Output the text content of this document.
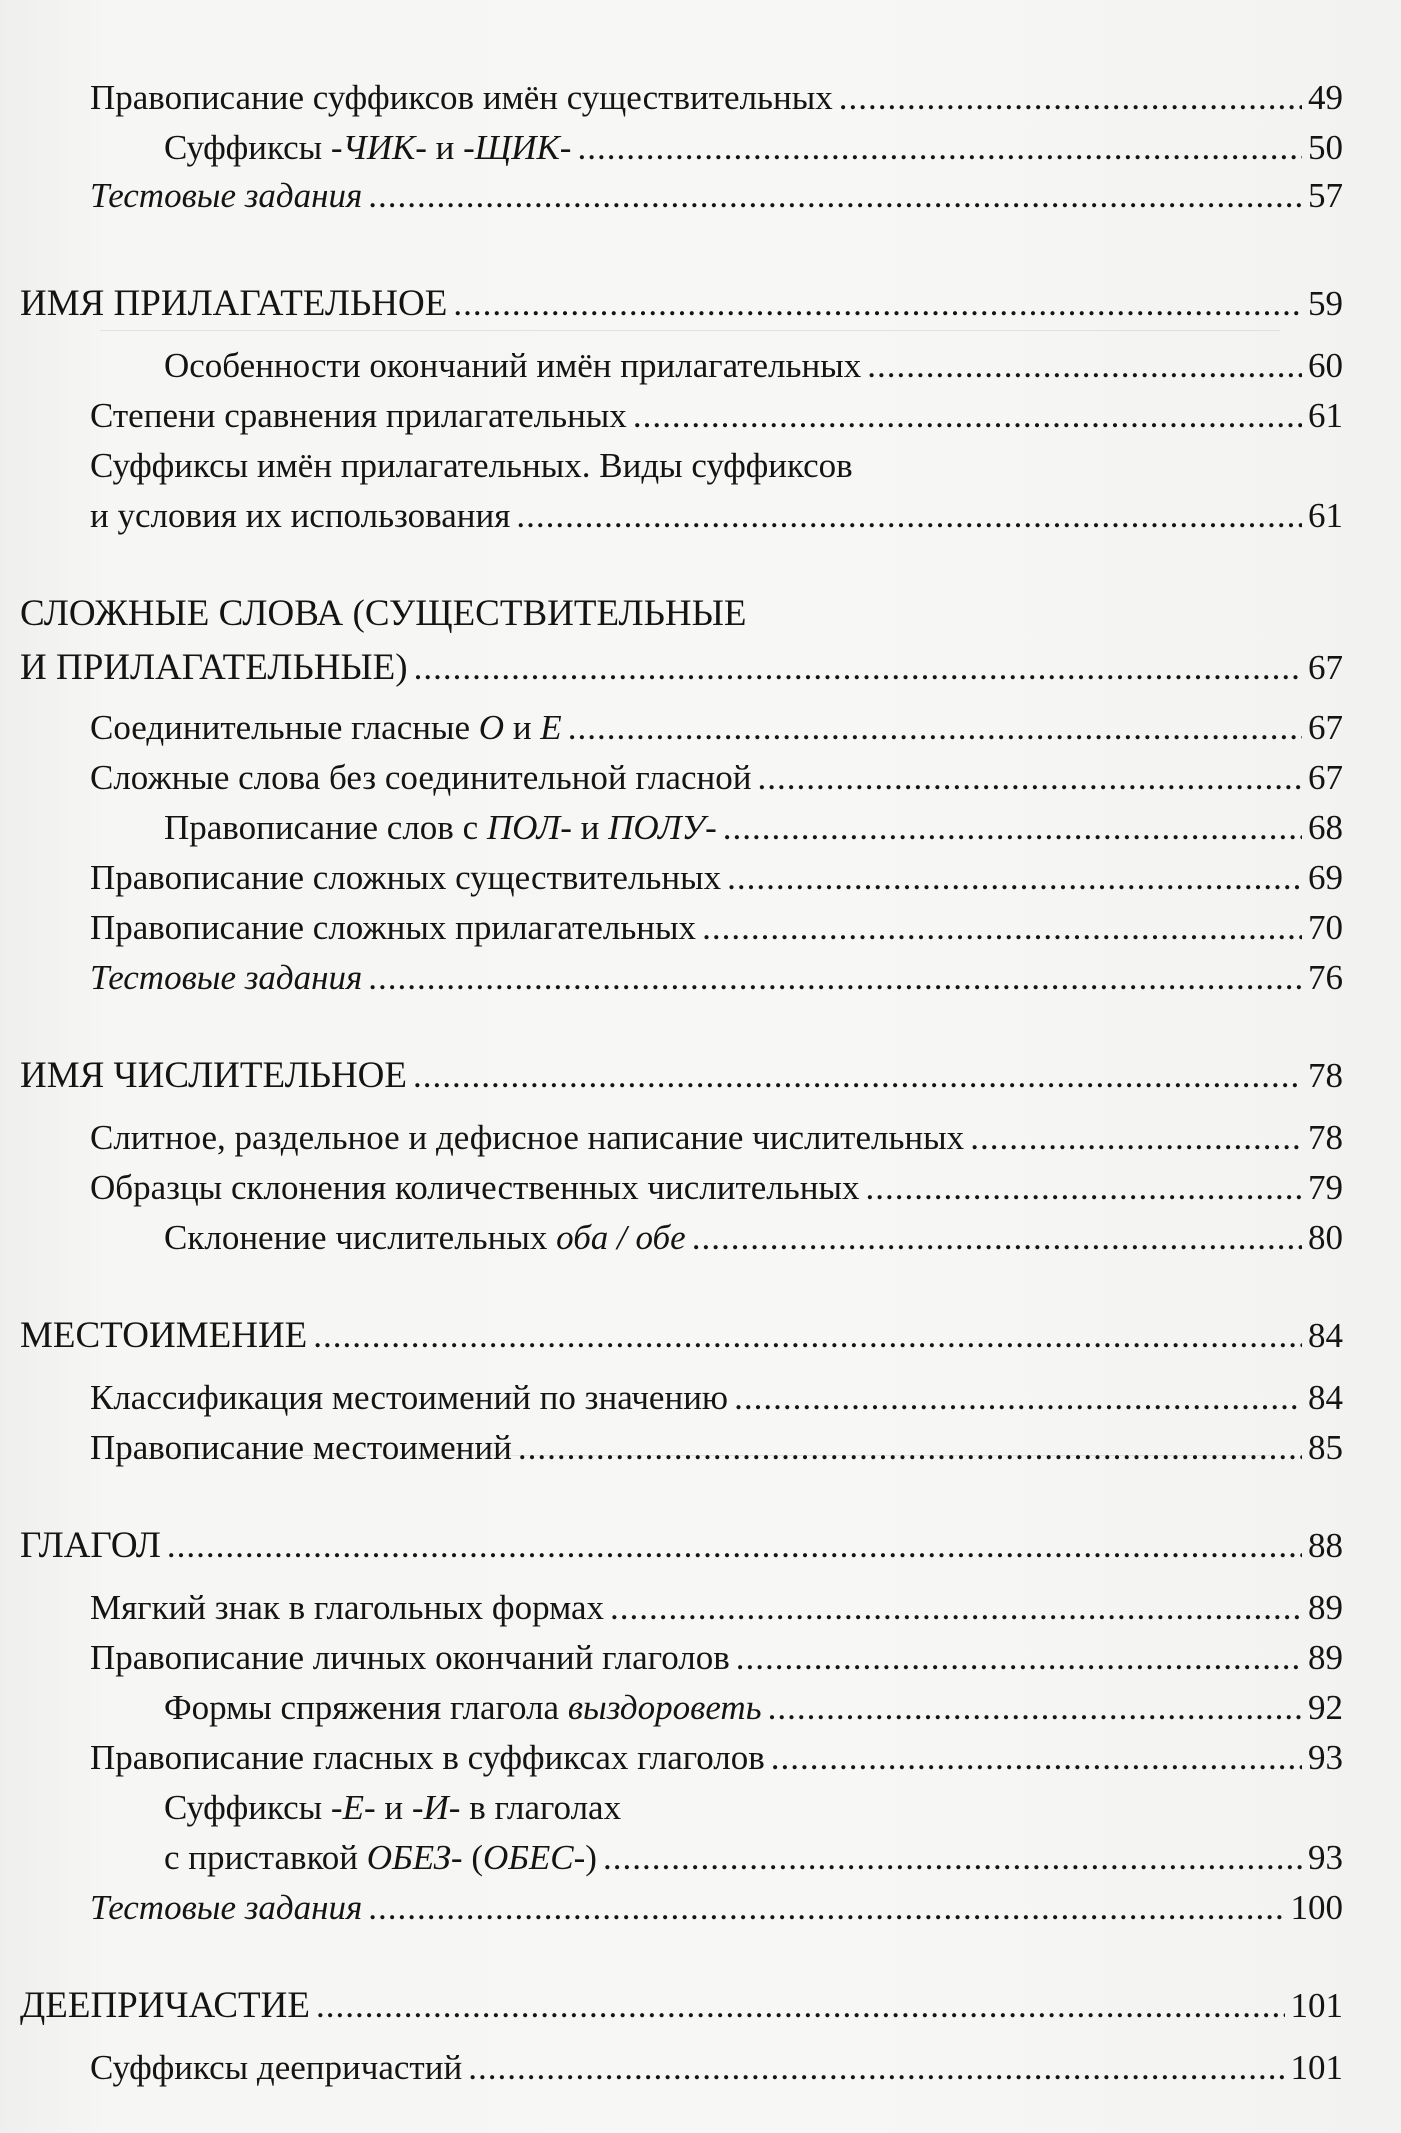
Правописание суффиксов имён существительных .....	49
Суффиксы -ЧИК- и -ЩИК- .....	50
Тестовые задания .....	57
ИМЯ ПРИЛАГАТЕЛЬНОЕ .....	59
Особенности окончаний имён прилагательных .....	60
Степени сравнения прилагательных .....	61
Суффиксы имён прилагательных. Виды суффиксов
и условия их использования .....	61
СЛОЖНЫЕ СЛОВА (СУЩЕСТВИТЕЛЬНЫЕ
И ПРИЛАГАТЕЛЬНЫЕ) .....	67
Соединительные гласные О и Е .....	67
Сложные слова без соединительной гласной .....	67
Правописание слов с ПОЛ- и ПОЛУ- .....	68
Правописание сложных существительных .....	69
Правописание сложных прилагательных .....	70
Тестовые задания .....	76
ИМЯ ЧИСЛИТЕЛЬНОЕ .....	78
Слитное, раздельное и дефисное написание числительных .....	78
Образцы склонения количественных числительных .....	79
Склонение числительных оба / обе .....	80
МЕСТОИМЕНИЕ .....	84
Классификация местоимений по значению .....	84
Правописание местоимений .....	85
ГЛАГОЛ .....	88
Мягкий знак в глагольных формах .....	89
Правописание личных окончаний глаголов .....	89
Формы спряжения глагола выздороветь .....	92
Правописание гласных в суффиксах глаголов .....	93
Суффиксы -Е- и -И- в глаголах
с приставкой ОБЕЗ- (ОБЕС-) .....	93
Тестовые задания .....	100
ДЕЕПРИЧАСТИЕ .....	101
Суффиксы деепричастий .....	101
